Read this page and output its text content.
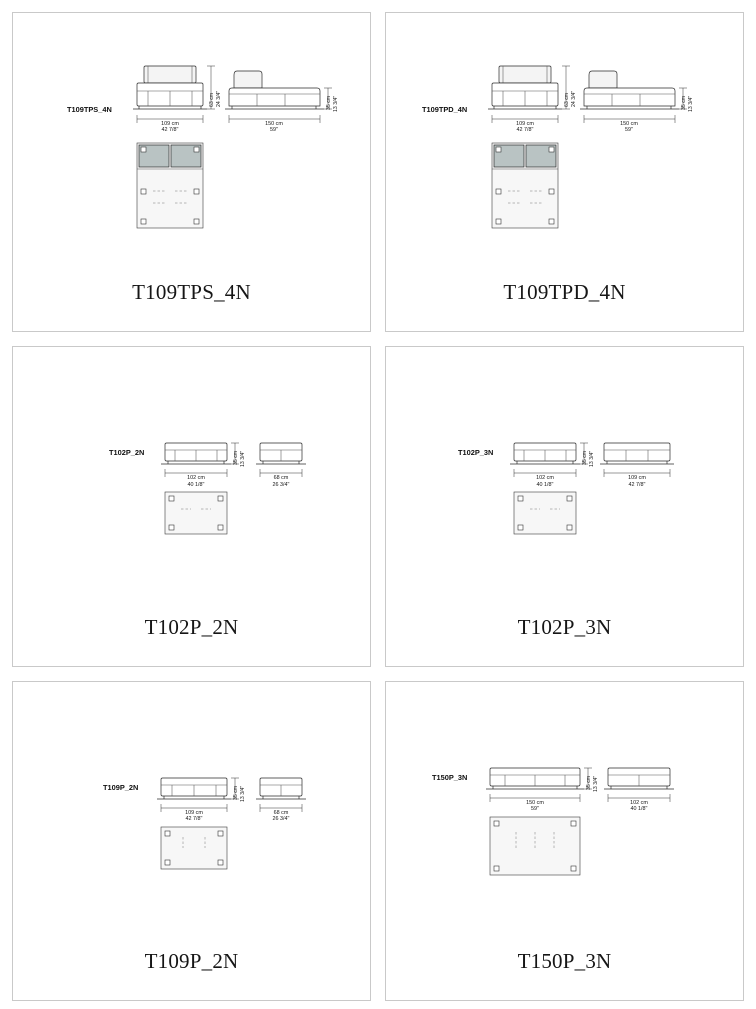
T109TPS_4N
109 cm
42 7/8"
150 cm
59"
63 cm 24 3/4"	35 cm 13 3/4"
T109TPS_4N
T109TPD_4N
109 cm
42 7/8"
150 cm
59"
63 cm 24 3/4"	35 cm 13 3/4"
T109TPD_4N
T102P_2N
102 cm
40 1/8"
68 cm
26 3/4"
35 cm 13 3/4"
T102P_2N
T102P_3N
102 cm
40 1/8"
109 cm
42 7/8"
35 cm 13 3/4"
T102P_3N
T109P_2N
109 cm
42 7/8"
68 cm
26 3/4"
35 cm 13 3/4"
T109P_2N
T150P_3N
150 cm
59"
102 cm
40 1/8"
35 cm 13 3/4"
T150P_3N
